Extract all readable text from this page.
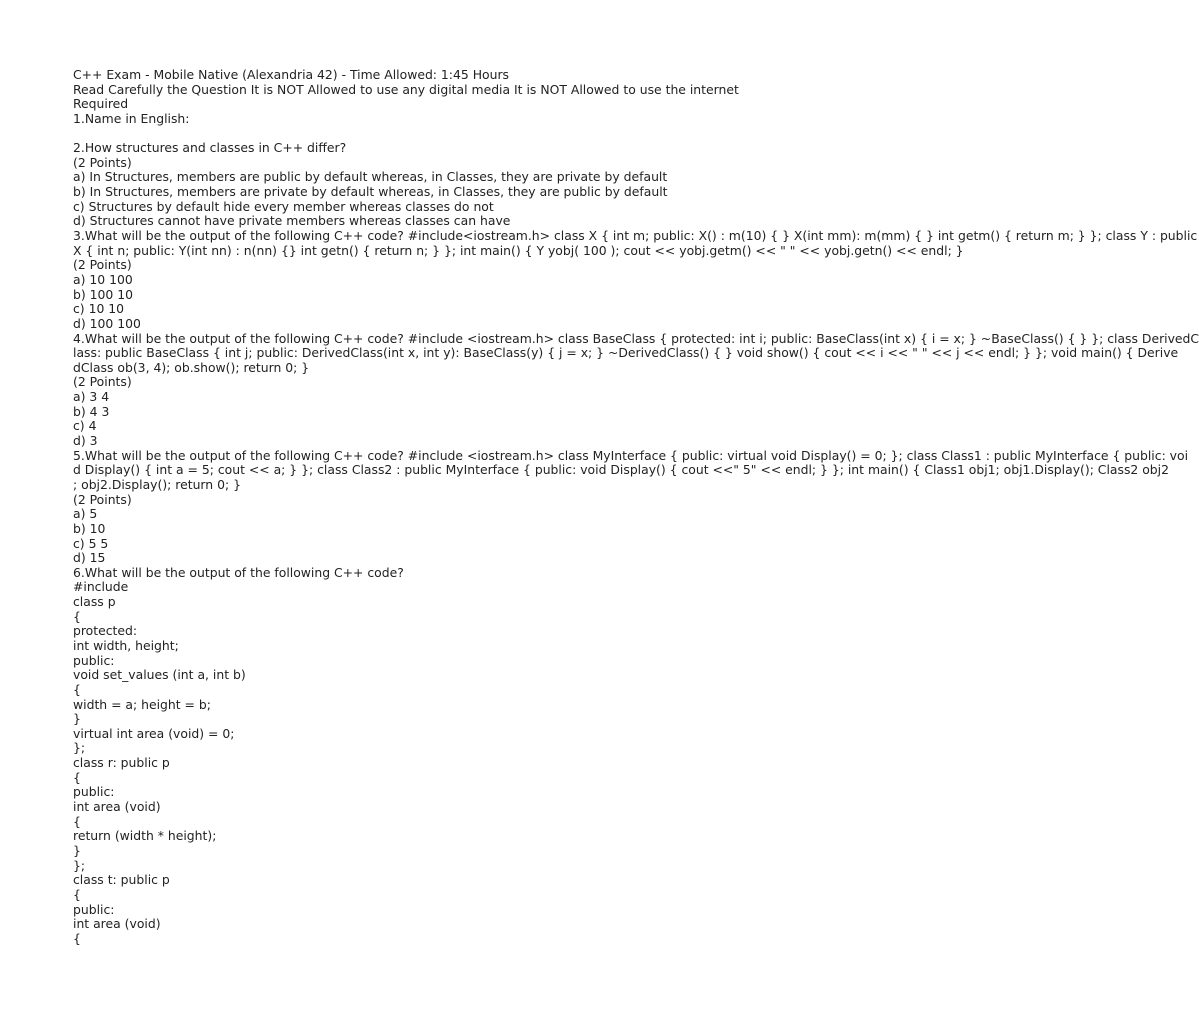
C++ Exam - Mobile Native (Alexandria 42) - Time Allowed: 1:45 Hours
Read Carefully the Question It is NOT Allowed to use any digital media It is NOT Allowed to use the internet
Required
1.Name in English:
2.How structures and classes in C++ differ?
(2 Points)
a) In Structures, members are public by default whereas, in Classes, they are private by default
b) In Structures, members are private by default whereas, in Classes, they are public by default
c) Structures by default hide every member whereas classes do not
d) Structures cannot have private members whereas classes can have
3.What will be the output of the following C++ code? #include<iostream.h> class X { int m; public: X() : m(10) { } X(int mm): m(mm) { } int getm() { return m; } }; class Y : public
X { int n; public: Y(int nn) : n(nn) {} int getn() { return n; } }; int main() { Y yobj( 100 ); cout << yobj.getm() << " " << yobj.getn() << endl; }
(2 Points)
a) 10 100
b) 100 10
c) 10 10
d) 100 100
4.What will be the output of the following C++ code? #include <iostream.h> class BaseClass { protected: int i; public: BaseClass(int x) { i = x; } ~BaseClass() { } }; class DerivedC
lass: public BaseClass { int j; public: DerivedClass(int x, int y): BaseClass(y) { j = x; } ~DerivedClass() { } void show() { cout << i << " " << j << endl; } }; void main() { Derive
dClass ob(3, 4); ob.show(); return 0; }
(2 Points)
a) 3 4
b) 4 3
c) 4
d) 3
5.What will be the output of the following C++ code? #include <iostream.h> class MyInterface { public: virtual void Display() = 0; }; class Class1 : public MyInterface { public: voi
d Display() { int a = 5; cout << a; } }; class Class2 : public MyInterface { public: void Display() { cout <<" 5" << endl; } }; int main() { Class1 obj1; obj1.Display(); Class2 obj2
; obj2.Display(); return 0; }
(2 Points)
a) 5
b) 10
c) 5 5
d) 15
6.What will be the output of the following C++ code?
#include
class p
{
protected:
int width, height;
public:
void set_values (int a, int b)
{
width = a; height = b;
}
virtual int area (void) = 0;
};
class r: public p
{
public:
int area (void)
{
return (width * height);
}
};
class t: public p
{
public:
int area (void)
{
